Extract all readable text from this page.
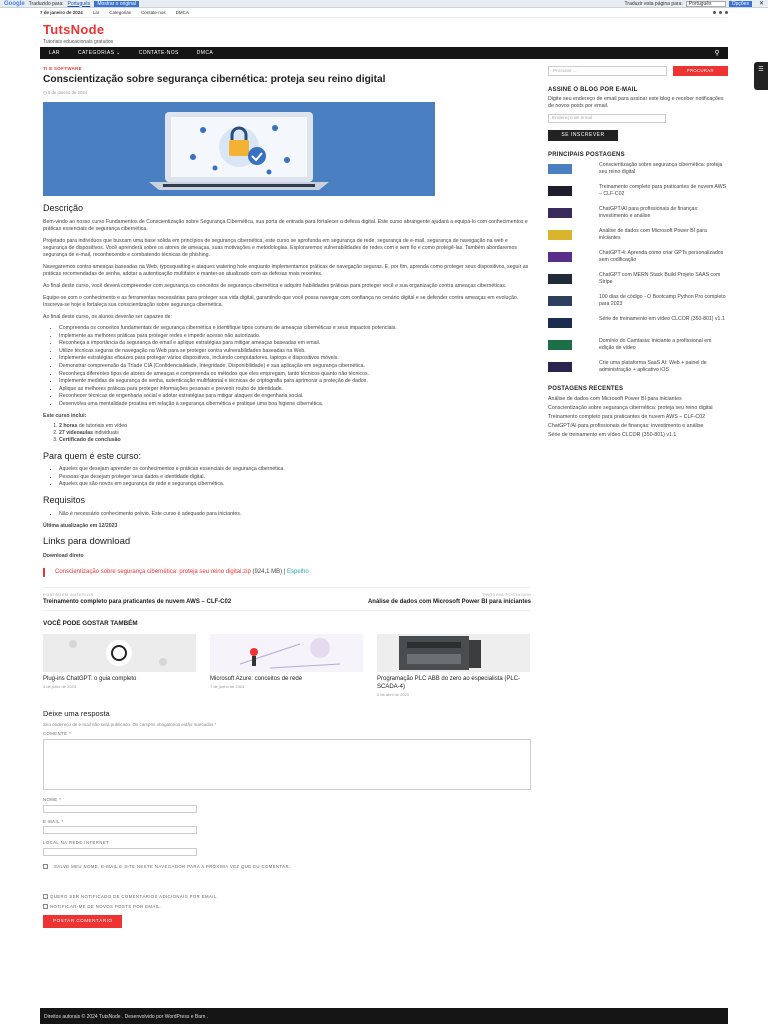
Google Traduzido para: Português	Mostrar o original	Traduzir esta página para:	Português	Opções	✕
7 de janeiro de 2024 Lar Categorias Contate-nos DMCA
TutsNode
Tutoriais educacionais gratuitos
LAR	CATEGORIAS ⌄	CONTATE-NOS	DMCA	⚲
TI E SOFTWARE
Conscientização sobre segurança cibernética: proteja seu reino digital
◷ 5 de janeiro de 2024
Descrição

Bem-vindo ao nosso curso Fundamentos de Conscientização sobre Segurança Cibernética, sua porta de entrada para fortalecer a defesa digital. Este curso abrangente ajudará a equipá-lo com conhecimentos e práticas essenciais de segurança cibernética.

Projetado para indivíduos que buscam uma base sólida em princípios de segurança cibernética, este curso se aprofunda em segurança de rede, segurança de e-mail, segurança de navegação na web e segurança de dispositivos. Você aprenderá sobre os atores de ameaças, suas motivações e metodologias. Exploraremos vulnerabilidades de redes com e sem fio e como protegê-las. Também abordaremos segurança de e-mail, reconhecendo e combatendo técnicas de phishing.

Navegaremos contra ameaças baseadas na Web, typosquatting e ataques watering hole enquanto implementamos práticas de navegação seguras. E, por fim, aprenda como proteger seus dispositivos, seguir as práticas recomendadas de senha, adotar a autenticação multifator e manter-se atualizado com as defesas mais recentes.

Ao final deste curso, você deverá compreender com segurança os conceitos de segurança cibernética e adquirir habilidades práticas para proteger você e sua organização contra ameaças cibernéticas.

Equipe-se com o conhecimento e as ferramentas necessárias para proteger sua vida digital, garantindo que você possa navegar com confiança no cenário digital e se defender contra ameaças em evolução. Inscreva-se hoje e fortaleça sua conscientização sobre segurança cibernética.

Ao final deste curso, os alunos deverão ser capazes de:

• Compreenda os conceitos fundamentais de segurança cibernética e identifique tipos comuns de ameaças cibernéticas e seus impactos potenciais.
• Implemente as melhores práticas para proteger redes e impedir acesso não autorizado.
• Reconheça a importância da segurança do email e aplique estratégias para mitigar ameaças baseadas em email.
• Utilize técnicas seguras de navegação na Web para se proteger contra vulnerabilidades baseadas na Web.
• Implemente estratégias eficazes para proteger vários dispositivos, incluindo computadores, laptops e dispositivos móveis.
• Demonstrar compreensão da Tríade CIA (Confidencialidade, Integridade, Disponibilidade) e sua aplicação em segurança cibernética.
• Reconheça diferentes tipos de atores de ameaças e compreenda os métodos que eles empregam, tanto técnicos quanto não técnicos.
• Implemente medidas de segurança de senha, autenticação multifatorial e técnicas de criptografia para aprimorar a proteção de dados.
• Aplique as melhores práticas para proteger informações pessoais e prevenir roubo de identidade.
• Reconhecer técnicas de engenharia social e adotar estratégias para mitigar ataques de engenharia social.
• Desenvolva uma mentalidade proativa em relação à segurança cibernética e pratique uma boa higiene cibernética.

Este curso inclui:

1. 2 horas de tutoriais em vídeo
2. 27 videoaulas individuais
3. Certificado de conclusão
Para quem é este curso:
• Aqueles que desejam aprender os conhecimentos e práticas essenciais de segurança cibernética.
• Pessoas que desejam proteger seus dados e identidade digital.
• Aqueles que são novos em segurança de rede e segurança cibernética.
Requisitos
• Não é necessário conhecimento prévio. Este curso é adequado para iniciantes.

Última atualização em 12/2023

Links para download

Download direto

Conscientização sobre segurança cibernética: proteja seu reino digital.zip (924,1 MB) | Espelho
POSTAGEM ANTERIOR
Treinamento completo para praticantes de nuvem AWS – CLF-C02
PRÓXIMA POSTAGEM
Análise de dados com Microsoft Power BI para iniciantes
VOCÊ PODE GOSTAR TAMBÉM
Plug-ins ChatGPT: o guia completo
4 de julho de 2023
Microsoft Azure: conceitos de rede
7 de junho de 2023
Programação PLC ABB do zero ao especialista (PLC-SCADA-4)
2 de abril de 2023
Deixe uma resposta
Seu endereço de e-mail não será publicado. Os campos obrigatórios estão marcados *
COMENTE *
NOME *
E-MAIL *
LOCAL NA REDE INTERNET
SALVE MEU NOME, E-MAIL E SITE NESTE NAVEGADOR PARA A PRÓXIMA VEZ QUE EU COMENTAR.
QUERO SER NOTIFICADO DE COMENTÁRIOS ADICIONAIS POR EMAIL.
NOTIFICAR-ME DE NOVOS POSTS POR EMAIL.
POSTAR COMENTÁRIO
Procurar ...	PROCURAR
ASSINE O BLOG POR E-MAIL
Digite seu endereço de email para assinar este blog e receber notificações de novos posts por email.
Endereço de email
SE INSCREVER
PRINCIPAIS POSTAGENS
Conscientização sobre segurança cibernética: proteja seu reino digital
Treinamento completo para praticantes de nuvem AWS – CLF-C02
ChatGPT/AI para profissionais de finanças: investimento e análise
Análise de dados com Microsoft Power BI para iniciantes
ChatGPT-4: Aprenda como criar GPTs personalizados sem codificação
ChatGPT com MERN Stack Build Projeto SAAS com Stripe
100 dias de código - O Bootcamp Python Pro completo para 2023
Série de treinamento em vídeo CLCOR (350-801) v1.1
Domínio do Camtasia: iniciante a profissional em edição de vídeo
Crie uma plataforma SaaS AI: Web + painel de administração + aplicativo iOS
POSTAGENS RECENTES
Análise de dados com Microsoft Power BI para iniciantes
Conscientização sobre segurança cibernética: proteja seu reino digital
Treinamento completo para praticantes de nuvem AWS – CLF-C02
ChatGPT/AI para profissionais de finanças: investimento e análise
Série de treinamento em vídeo CLCOR (350-801) v1.1
☰
Direitos autorais © 2024 TutsNode . Desenvolvido por WordPress e Barn .
